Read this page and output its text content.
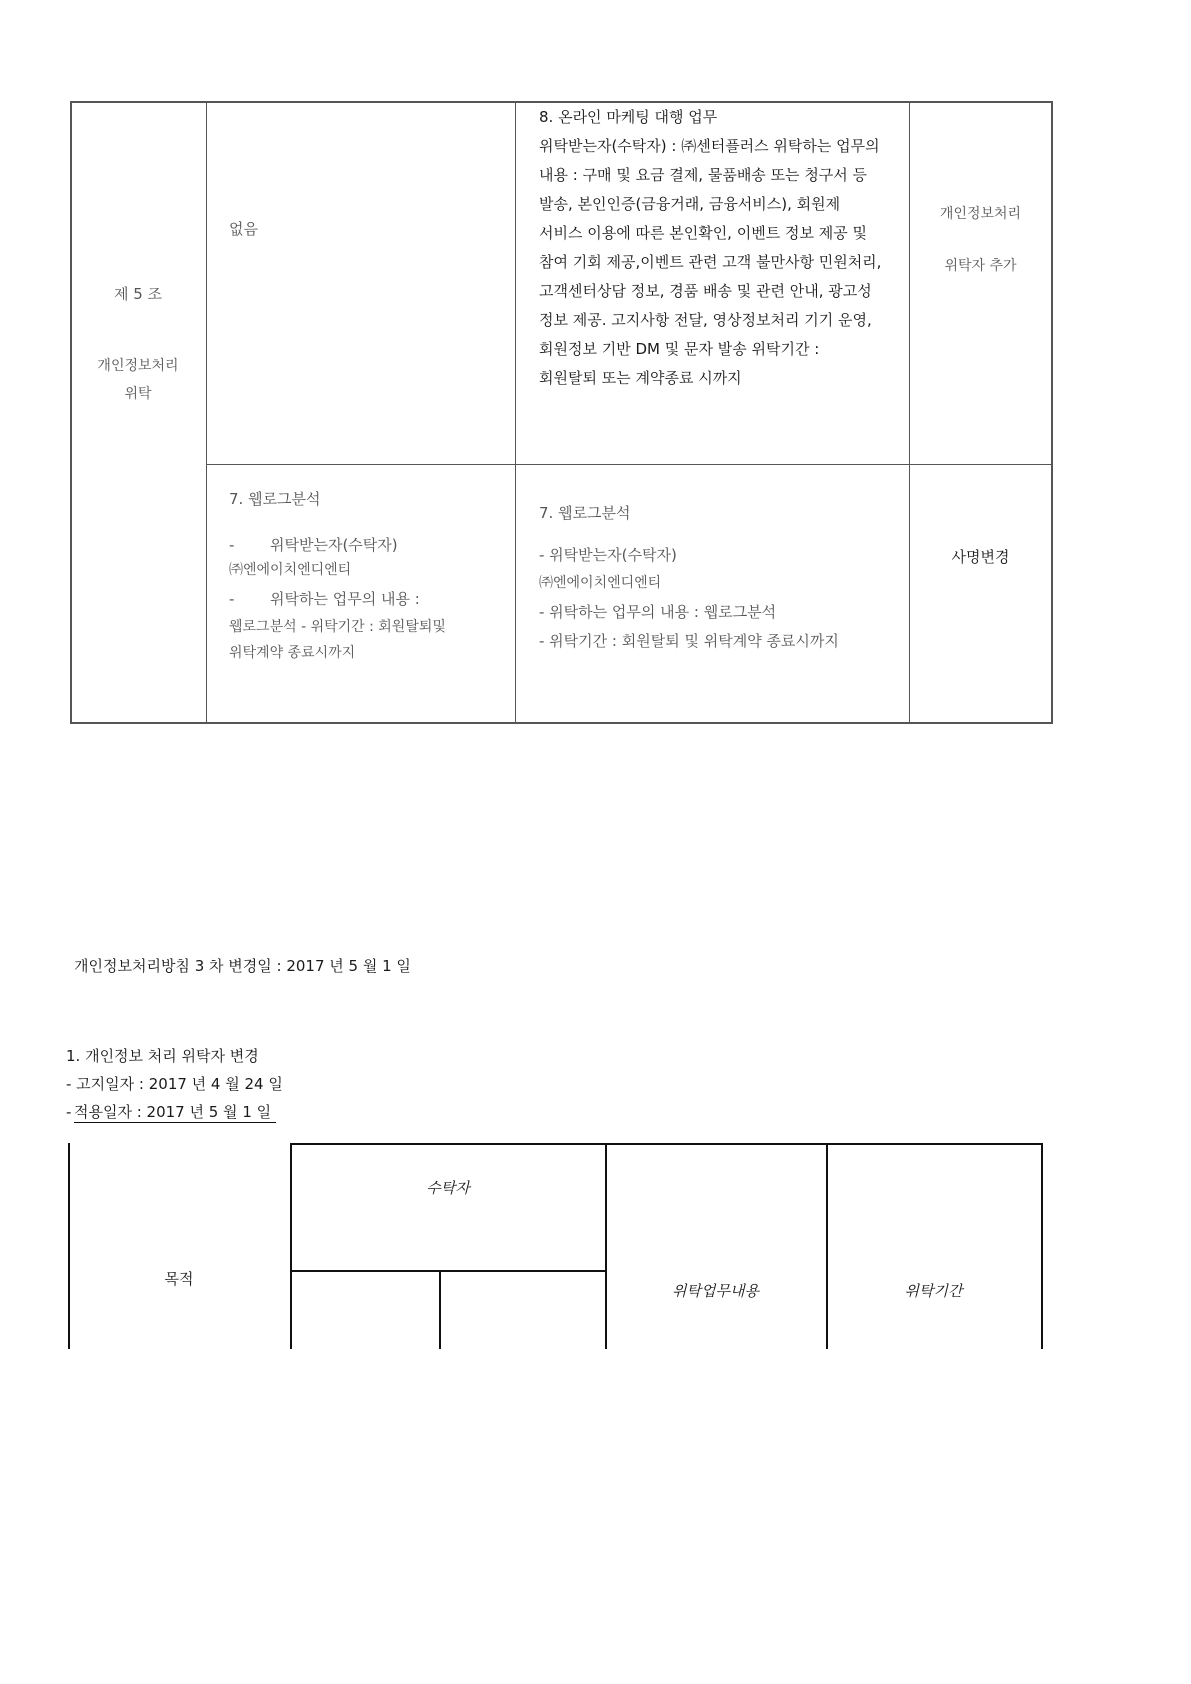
제 5 조
개인정보처리
위탁
없음
8. 온라인 마케팅 대행 업무
위탁받는자(수탁자) : ㈜센터플러스 위탁하는 업무의
내용 : 구매 및 요금 결제, 물품배송 또는 청구서 등
발송, 본인인증(금융거래, 금융서비스), 회원제
서비스 이용에 따른 본인확인, 이벤트 정보 제공 및
참여 기회 제공,이벤트 관련 고객 불만사항 민원처리,
고객센터상담 정보, 경품 배송 및 관련 안내, 광고성
정보 제공. 고지사항 전달, 영상정보처리 기기 운영,
회원정보 기반 DM 및 문자 발송 위탁기간 :
회원탈퇴 또는 계약종료 시까지
개인정보처리
위탁자 추가
7. 웹로그분석
- 위탁받는자(수탁자)
㈜엔에이치엔디엔티
- 위탁하는 업무의 내용 :
웹로그분석 - 위탁기간 : 회원탈퇴및
위탁계약 종료시까지
7. 웹로그분석
- 위탁받는자(수탁자)
㈜엔에이치엔디엔티
- 위탁하는 업무의 내용 : 웹로그분석
- 위탁기간 : 회원탈퇴 및 위탁계약 종료시까지
사명변경
개인정보처리방침 3 차 변경일 : 2017 년 5 월 1 일
1. 개인정보 처리 위탁자 변경
- 고지일자 : 2017 년 4 월 24 일
- 적용일자 : 2017 년 5 월 1 일
목적
수탁자
위탁업무내용	위탁기간
